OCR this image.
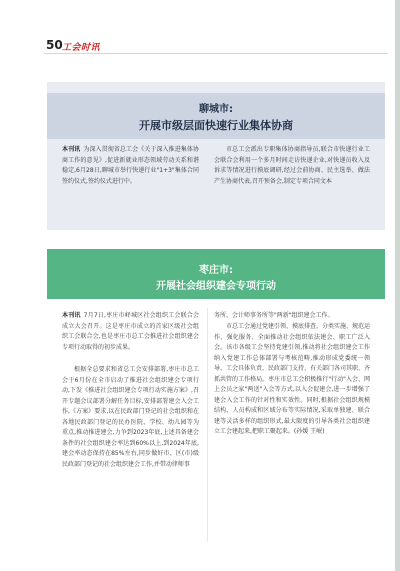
50 工会时讯
聊城市:
开展市级层面快速行业集体协商

本刊讯  为深入贯彻省总工会《关于深入推进集体协商工作的意见》,促进新就业形态领域劳动关系和谐稳定,6月28日,聊城市举行快递行业"1+3"集体合同签约仪式,签约仪式进行中。

市总工会派出专职集体协商指导员,联合市快递行业工会联合会利用一个多月时间走访快递企业,对快递员收入及诉求等情况进行摸底调研,经过会前协商、民主选举、做法产生协商代表,召开预备会,制定专项合同文本

枣庄市:
开展社会组织建会专项行动

本刊讯  7月7日,枣庄市峄城区社会组织工会联合会成立大会召开。这是枣庄市成立的首家区级社会组织工会联合会,也是枣庄市总工会推进社会组织建会专项行动取得的初步成果。

根据全总要求和省总工会安排部署,枣庄市总工会于6月份在全市启动了推进社会组织建会专项行动,下发《推进社会组织建会专项行动实施方案》,召开专题会议部署分解任务目标,安排部署建会入会工作,《方案》要求,以在民政部门登记的社会组织和在各地民政部门登记的民办医院、学校、幼儿园等为重点,推动推进建会,力争到2023年底,上述具备建会条件的社会组织建会率达到60%以上,到2024年底,建会率动态保持在85%左右,同步做好市、区(市)级民政部门登记的社会组织建会工作,并带动律师事

务所、会计师事务所等"两新"组织建会工作。

市总工会通过党建引领、摸底排查、分类实施、规范运作、强化服务、全面推动社会组织依法建会、职工广泛入会。该市各级工会坚持党建引领,推动将社会组织建会工作纳入党建工作总体部署与考核范畴,推动形成党委统一领导、工会具体负责、民政部门支持、有关部门各司其职、齐抓共管的工作格局。枣庄市总工会积极推行"行动"入会、网上会员之家"两送"入会等方式,以入会促建会,进一步增强了建会入会工作的针对性和实效性。同时,根据社会组织规模结构、人员构成和区域分布等实际情况,采取单独建、联合建等灵活多样的组织形式,最大限度的引导各类社会组织建立工会建起来,把职工聚起来。(孙媛 王岷)
